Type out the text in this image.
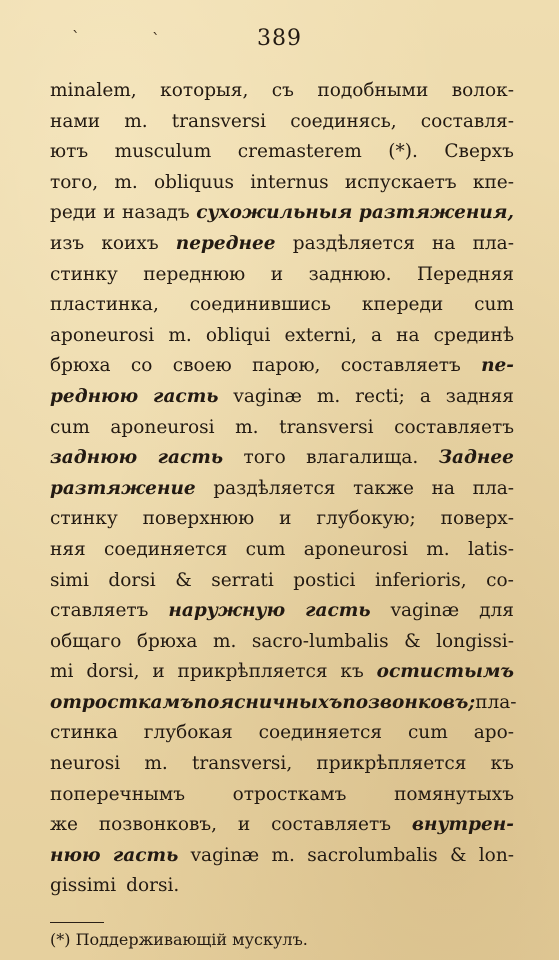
389
ˋ	ˋ
minalem, которыя, съ подобными волок-
нами m. transversi соединясь, составля-
ютъ musculum cremasterem (*). Сверхъ
того, m. obliquus internus испускаетъ кпе-
реди и назадъ сухожильныя разтяжения,
изъ коихъ переднее раздѣляется на пла-
стинку переднюю и заднюю. Передняя
пластинка, соединившись кпереди cum
aponeurosi m. obliqui externi, а на срединѣ
брюха со своею парою, составляетъ пе-
реднюю гасть vaginæ m. recti; а задняя
cum aponeurosi m. transversi составляетъ
заднюю гасть того влагалища. Заднее
разтяжение раздѣляется также на пла-
стинку поверхнюю и глубокую; поверх-
няя соединяется cum aponeurosi m. latis-
simi dorsi & serrati postici inferioris, со-
ставляетъ наружную гасть vaginæ для
общаго брюха m. sacro-lumbalis & longissi-
mi dorsi, и прикрѣпляется къ остистымъ
отросткамъ поясничныхъ позвонковъ; пла-
стинка глубокая соединяется cum apo-
neurosi m. transversi, прикрѣпляется къ
поперечнымъ	отросткамъ	помянутыхъ
же позвонковъ, и составляетъ внутрен-
нюю гасть vaginæ m. sacrolumbalis & lon-
gissimi dorsi.
(*) Поддерживающій мускулъ.
